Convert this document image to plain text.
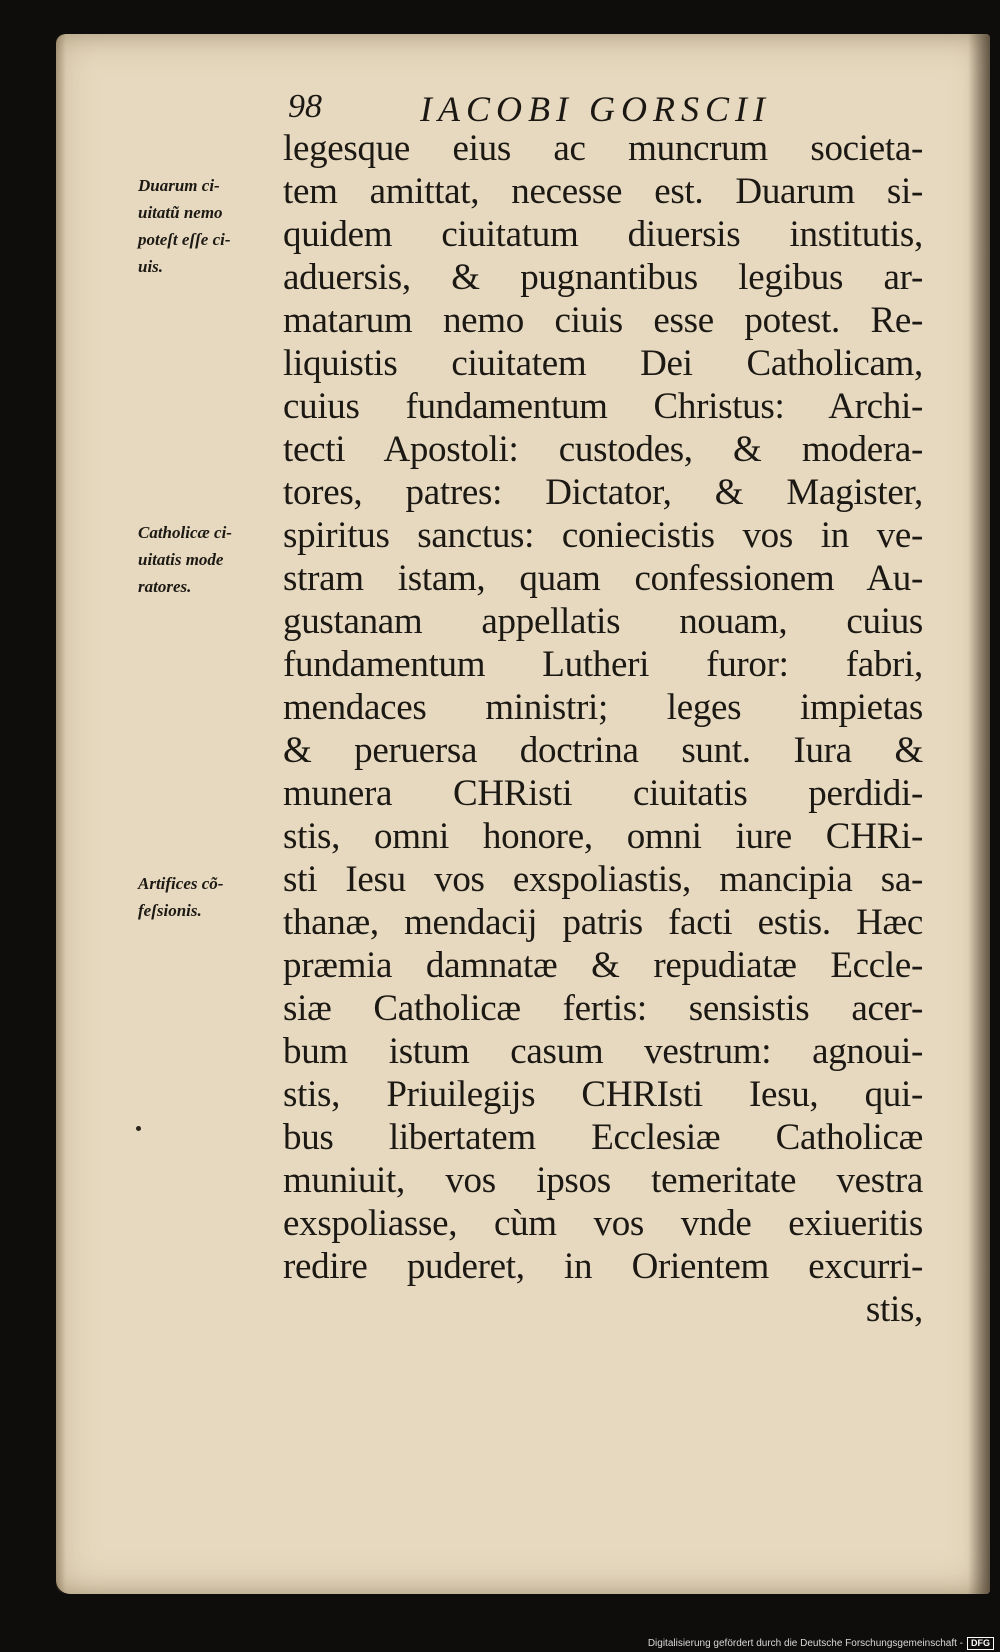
98	IACOBI GORSCII
Duarum ci-
uitatũ nemo
poteſt eſſe ci-
uis.
Catholicæ ci-
uitatis mode
ratores.
Artifices cõ-
feſsionis.
legesque eius ac muncrum societa-
tem amittat, necesse est. Duarum si-
quidem ciuitatum diuersis institutis,
aduersis, & pugnantibus legibus ar-
matarum nemo ciuis esse potest. Re-
liquistis ciuitatem Dei Catholicam,
cuius fundamentum Christus: Archi-
tecti Apostoli: custodes, & modera-
tores, patres: Dictator, & Magister,
spiritus sanctus: coniecistis vos in ve-
stram istam, quam confessionem Au-
gustanam appellatis nouam, cuius
fundamentum Lutheri furor: fabri,
mendaces ministri; leges impietas
& peruersa doctrina sunt. Iura &
munera CHRisti ciuitatis perdidi-
stis, omni honore, omni iure CHRi-
sti Iesu vos exspoliastis, mancipia sa-
thanæ, mendacij patris facti estis. Hæc
præmia damnatæ & repudiatæ Eccle-
siæ Catholicæ fertis: sensistis acer-
bum istum casum vestrum: agnoui-
stis, Priuilegijs CHRIsti Iesu, qui-
bus libertatem Ecclesiæ Catholicæ
muniuit, vos ipsos temeritate vestra
exspoliasse, cùm vos vnde exiueritis
redire puderet, in Orientem excurri-
stis,
Digitalisierung gefördert durch die Deutsche Forschungsgemeinschaft - DFG
